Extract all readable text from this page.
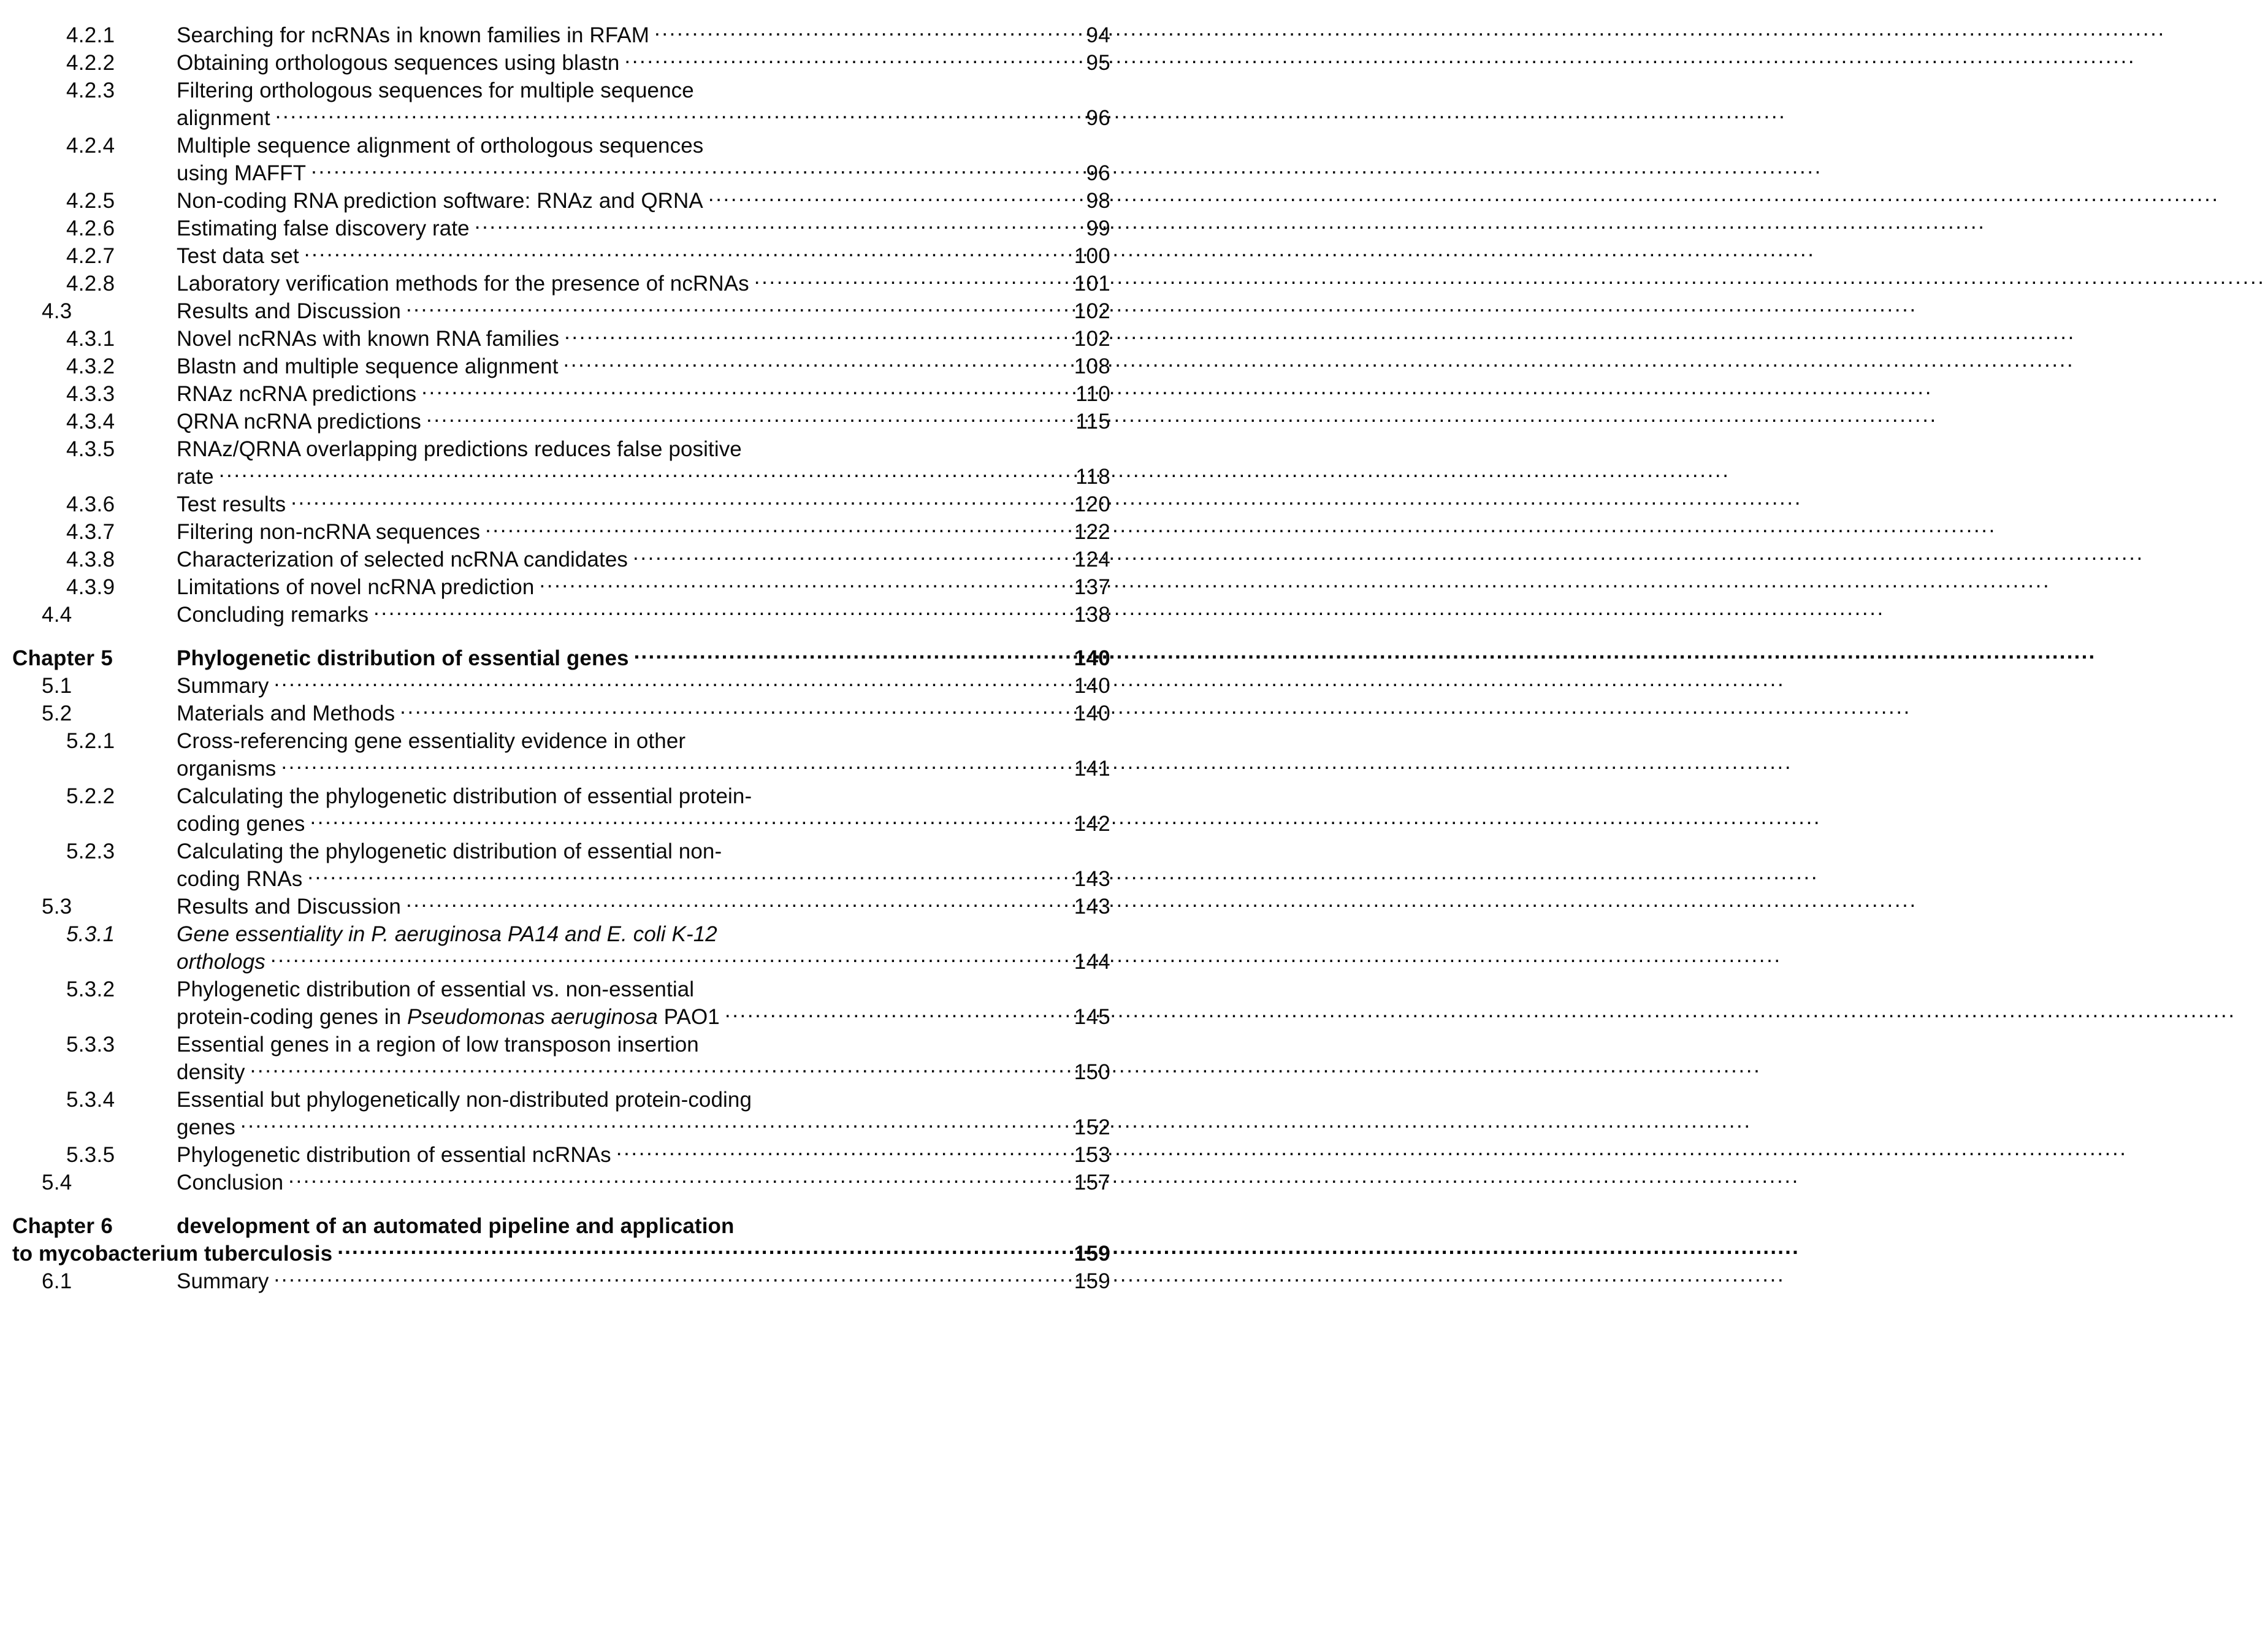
4.2.1	Searching for ncRNAs in known families in RFAM .....	94
4.2.2	Obtaining orthologous sequences using blastn .....	95
4.2.3	Filtering orthologous sequences for multiple sequence
alignment .....	96
4.2.4	Multiple sequence alignment of orthologous sequences
using MAFFT .....	96
4.2.5	Non-coding RNA prediction software: RNAz and QRNA .....	98
4.2.6	Estimating false discovery rate .....	99
4.2.7	Test data set .....	100
4.2.8	Laboratory verification methods for the presence of ncRNAs .....	101
4.3	Results and Discussion .....	102
4.3.1	Novel ncRNAs with known RNA families .....	102
4.3.2	Blastn and multiple sequence alignment .....	108
4.3.3	RNAz ncRNA predictions .....	110
4.3.4	QRNA ncRNA predictions .....	115
4.3.5	RNAz/QRNA overlapping predictions reduces false positive
rate .....	118
4.3.6	Test results .....	120
4.3.7	Filtering non-ncRNA sequences .....	122
4.3.8	Characterization of selected ncRNA candidates .....	124
4.3.9	Limitations of novel ncRNA prediction .....	137
4.4	Concluding remarks .....	138
Chapter 5	Phylogenetic distribution of essential genes .....	140
5.1	Summary .....	140
5.2	Materials and Methods .....	140
5.2.1	Cross-referencing gene essentiality evidence in other
organisms .....	141
5.2.2	Calculating the phylogenetic distribution of essential protein-
coding genes .....	142
5.2.3	Calculating the phylogenetic distribution of essential non-
coding RNAs .....	143
5.3	Results and Discussion .....	143
5.3.1	Gene essentiality in P. aeruginosa PA14 and E. coli K-12
orthologs .....	144
5.3.2	Phylogenetic distribution of essential vs. non-essential
protein-coding genes in Pseudomonas aeruginosa PAO1 .....	145
5.3.3	Essential genes in a region of low transposon insertion
density .....	150
5.3.4	Essential but phylogenetically non-distributed protein-coding
genes .....	152
5.3.5	Phylogenetic distribution of essential ncRNAs .....	153
5.4	Conclusion .....	157
Chapter 6	development of an automated pipeline and application
to mycobacterium tuberculosis .....	159
6.1	Summary .....	159
